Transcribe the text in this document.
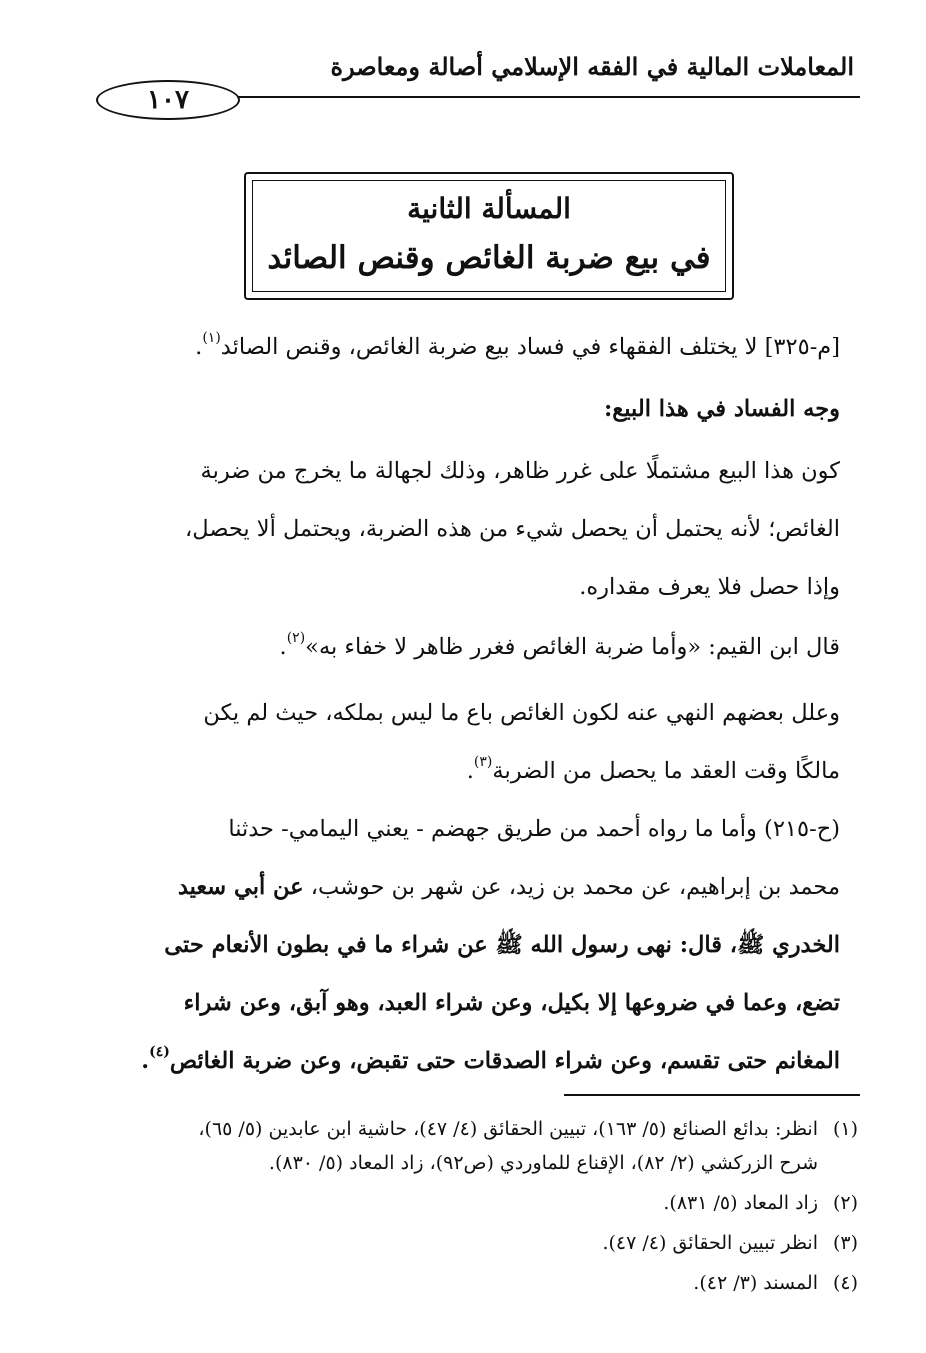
المعاملات المالية في الفقه الإسلامي أصالة ومعاصرة
١٠٧
المسألة الثانية
في بيع ضربة الغائص وقنص الصائد
[م-٣٢٥] لا يختلف الفقهاء في فساد بيع ضربة الغائص، وقنص الصائد$^{(١)}$.
وجه الفساد في هذا البيع:
كون هذا البيع مشتملًا على غرر ظاهر، وذلك لجهالة ما يخرج من ضربة
الغائص؛ لأنه يحتمل أن يحصل شيء من هذه الضربة، ويحتمل ألا يحصل،
وإذا حصل فلا يعرف مقداره.
قال ابن القيم: «وأما ضربة الغائص فغرر ظاهر لا خفاء به»$^{(٢)}$.
وعلل بعضهم النهي عنه لكون الغائص باع ما ليس بملكه، حيث لم يكن
مالكًا وقت العقد ما يحصل من الضربة$^{(٣)}$.
(ح-٢١٥) وأما ما رواه أحمد من طريق جهضم - يعني اليمامي- حدثنا
محمد بن إبراهيم، عن محمد بن زيد، عن شهر بن حوشب، عن أبي سعيد
الخدري ﷺ، قال: نهى رسول الله ﷺ عن شراء ما في بطون الأنعام حتى
تضع، وعما في ضروعها إلا بكيل، وعن شراء العبد، وهو آبق، وعن شراء
المغانم حتى تقسم، وعن شراء الصدقات حتى تقبض، وعن ضربة الغائص$^{(٤)}$.
(١)انظر: بدائع الصنائع (٥/ ١٦٣)، تبيين الحقائق (٤/ ٤٧)، حاشية ابن عابدين (٥/ ٦٥)،
شرح الزركشي (٢/ ٨٢)، الإقناع للماوردي (ص٩٢)، زاد المعاد (٥/ ٨٣٠).
(٢)زاد المعاد (٥/ ٨٣١).
(٣)انظر تبيين الحقائق (٤/ ٤٧).
(٤)المسند (٣/ ٤٢).
